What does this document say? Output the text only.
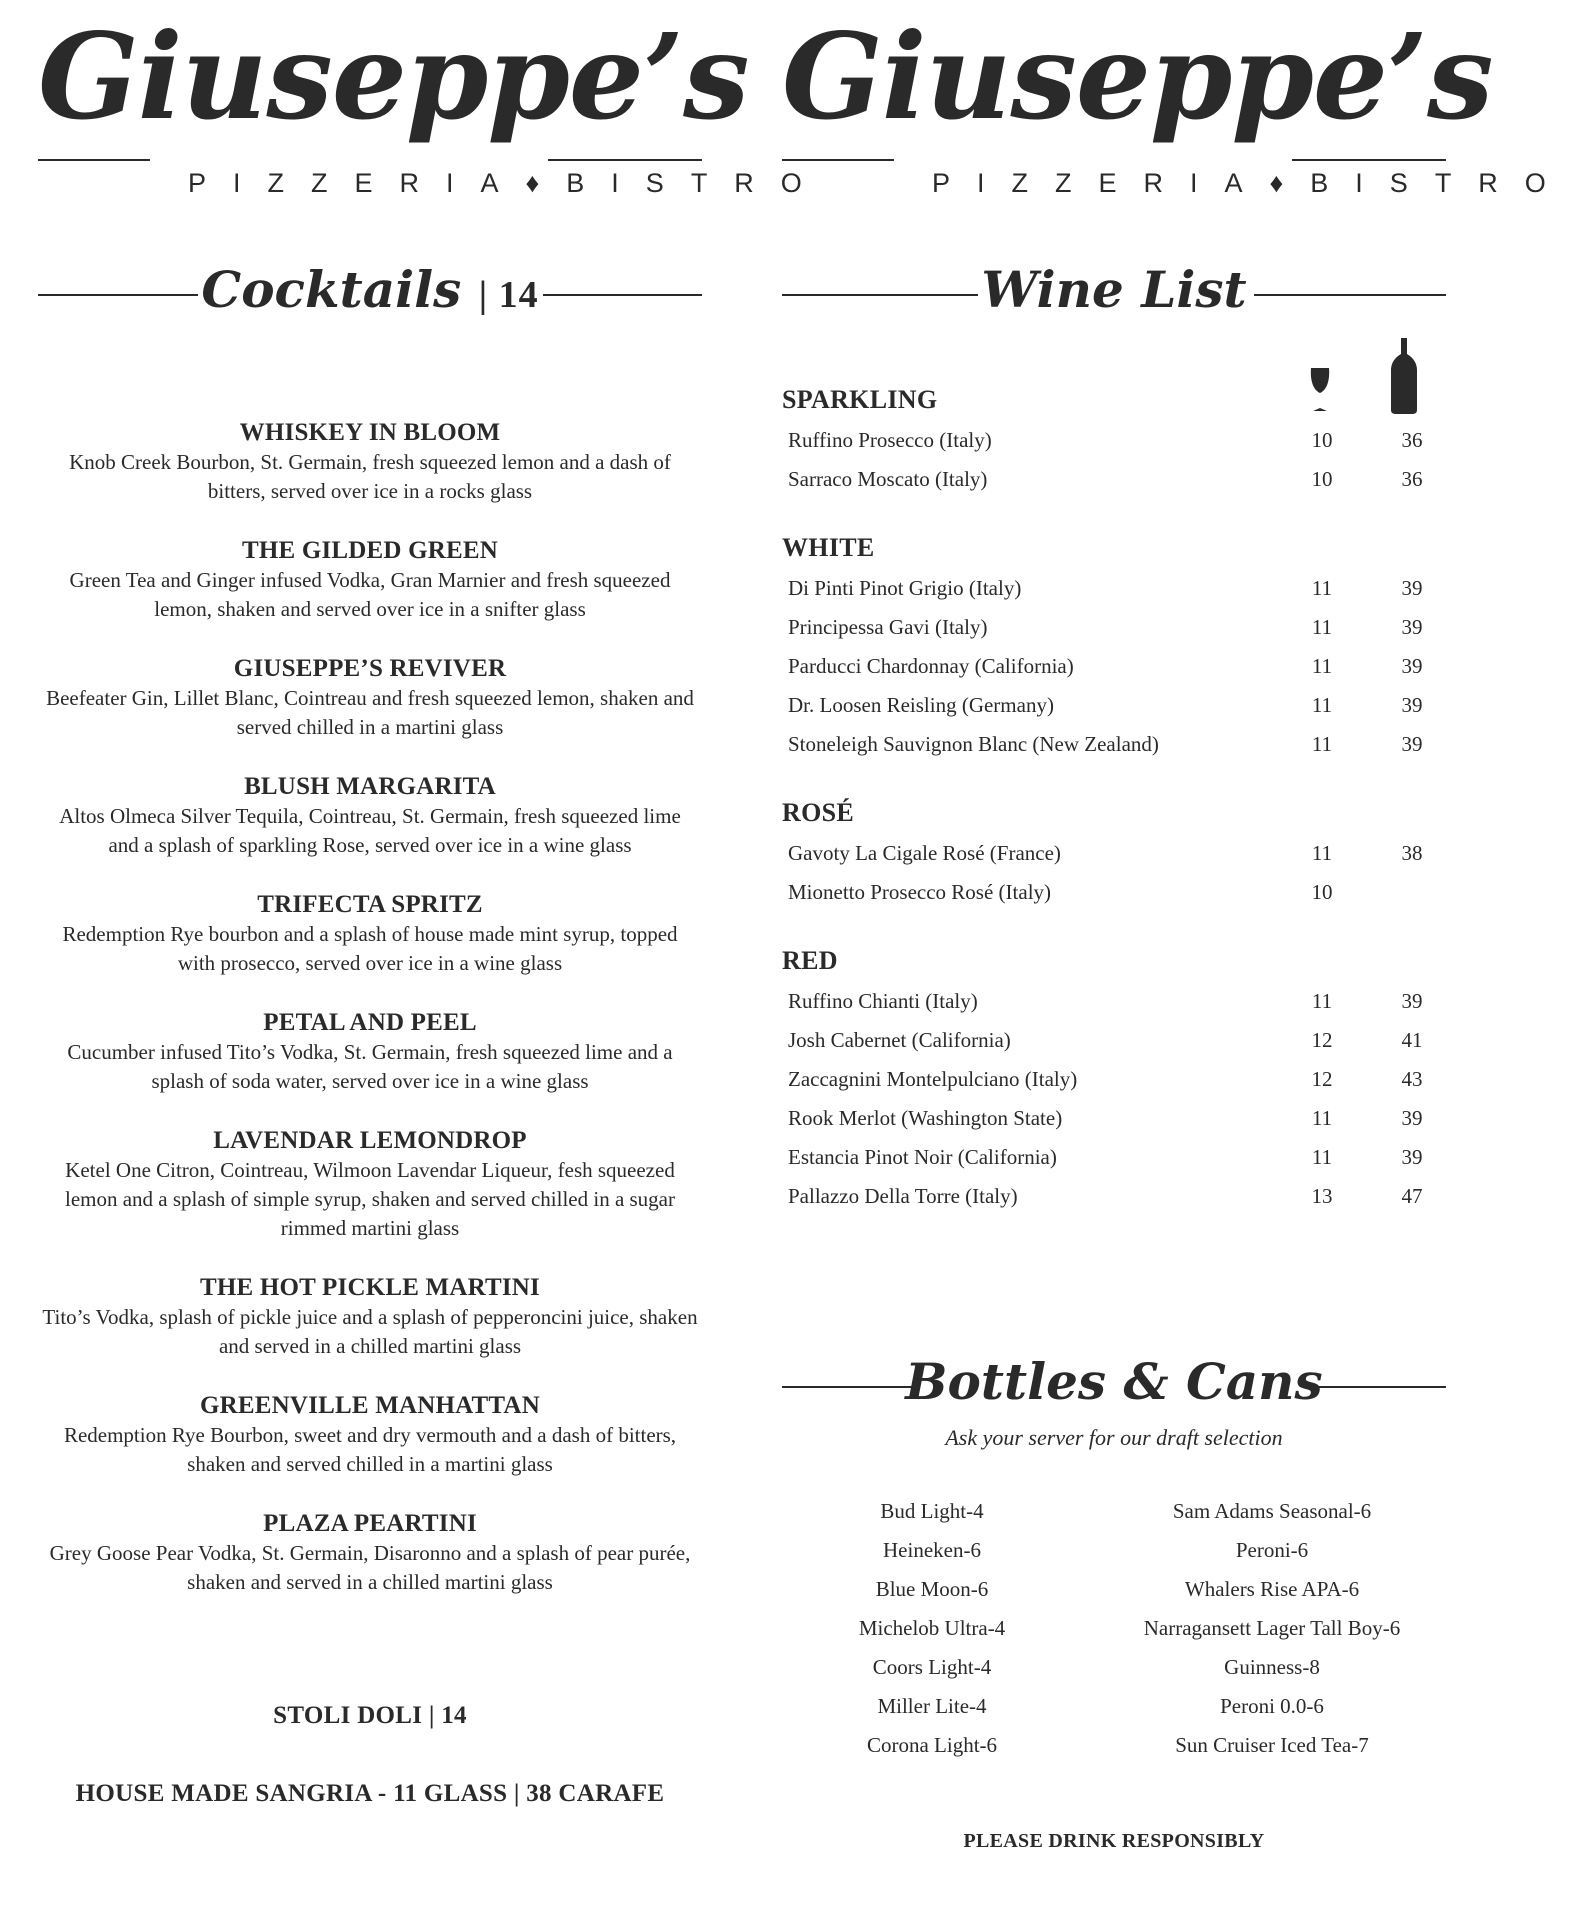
Giuseppe’s
PIZZERIA♦BISTRO
Cocktails | 14
WHISKEY IN BLOOM
Knob Creek Bourbon, St. Germain, fresh squeezed lemon and a dash of bitters, served over ice in a rocks glass
THE GILDED GREEN
Green Tea and Ginger infused Vodka, Gran Marnier and fresh squeezed lemon, shaken and served over ice in a snifter glass
GIUSEPPE’S REVIVER
Beefeater Gin, Lillet Blanc, Cointreau and fresh squeezed lemon, shaken and served chilled in a martini glass
BLUSH MARGARITA
Altos Olmeca Silver Tequila, Cointreau, St. Germain, fresh squeezed lime and a splash of sparkling Rose, served over ice in a wine glass
TRIFECTA SPRITZ
Redemption Rye bourbon and a splash of house made mint syrup, topped with prosecco, served over ice in a wine glass
PETAL AND PEEL
Cucumber infused Tito’s Vodka, St. Germain, fresh squeezed lime and a splash of soda water, served over ice in a wine glass
LAVENDAR LEMONDROP
Ketel One Citron, Cointreau, Wilmoon Lavendar Liqueur, fesh squeezed lemon and a splash of simple syrup, shaken and served chilled in a sugar rimmed martini glass
THE HOT PICKLE MARTINI
Tito’s Vodka, splash of pickle juice and a splash of pepperoncini juice, shaken and served in a chilled martini glass
GREENVILLE MANHATTAN
Redemption Rye Bourbon, sweet and dry vermouth and a dash of bitters, shaken and served chilled in a martini glass
PLAZA PEARTINI
Grey Goose Pear Vodka, St. Germain, Disaronno and a splash of pear purée, shaken and served in a chilled martini glass
STOLI DOLI | 14
HOUSE MADE SANGRIA - 11 GLASS | 38 CARAFE
Giuseppe’s
PIZZERIA♦BISTRO
Wine List
SPARKLING
Ruffino Prosecco (Italy)	10	36
Sarraco Moscato (Italy)	10	36
WHITE
Di Pinti Pinot Grigio (Italy)	11	39
Principessa Gavi (Italy)	11	39
Parducci Chardonnay (California)	11	39
Dr. Loosen Reisling (Germany)	11	39
Stoneleigh Sauvignon Blanc (New Zealand)	11	39
ROSÉ
Gavoty La Cigale Rosé (France)	11	38
Mionetto Prosecco Rosé (Italy)	10
RED
Ruffino Chianti (Italy)	11	39
Josh Cabernet (California)	12	41
Zaccagnini Montelpulciano (Italy)	12	43
Rook Merlot (Washington State)	11	39
Estancia Pinot Noir (California)	11	39
Pallazzo Della Torre (Italy)	13	47
Bottles & Cans
Ask your server for our draft selection
Bud Light-4
Heineken-6
Blue Moon-6
Michelob Ultra-4
Coors Light-4
Miller Lite-4
Corona Light-6
Sam Adams Seasonal-6
Peroni-6
Whalers Rise APA-6
Narragansett Lager Tall Boy-6
Guinness-8
Peroni 0.0-6
Sun Cruiser Iced Tea-7
PLEASE DRINK RESPONSIBLY
